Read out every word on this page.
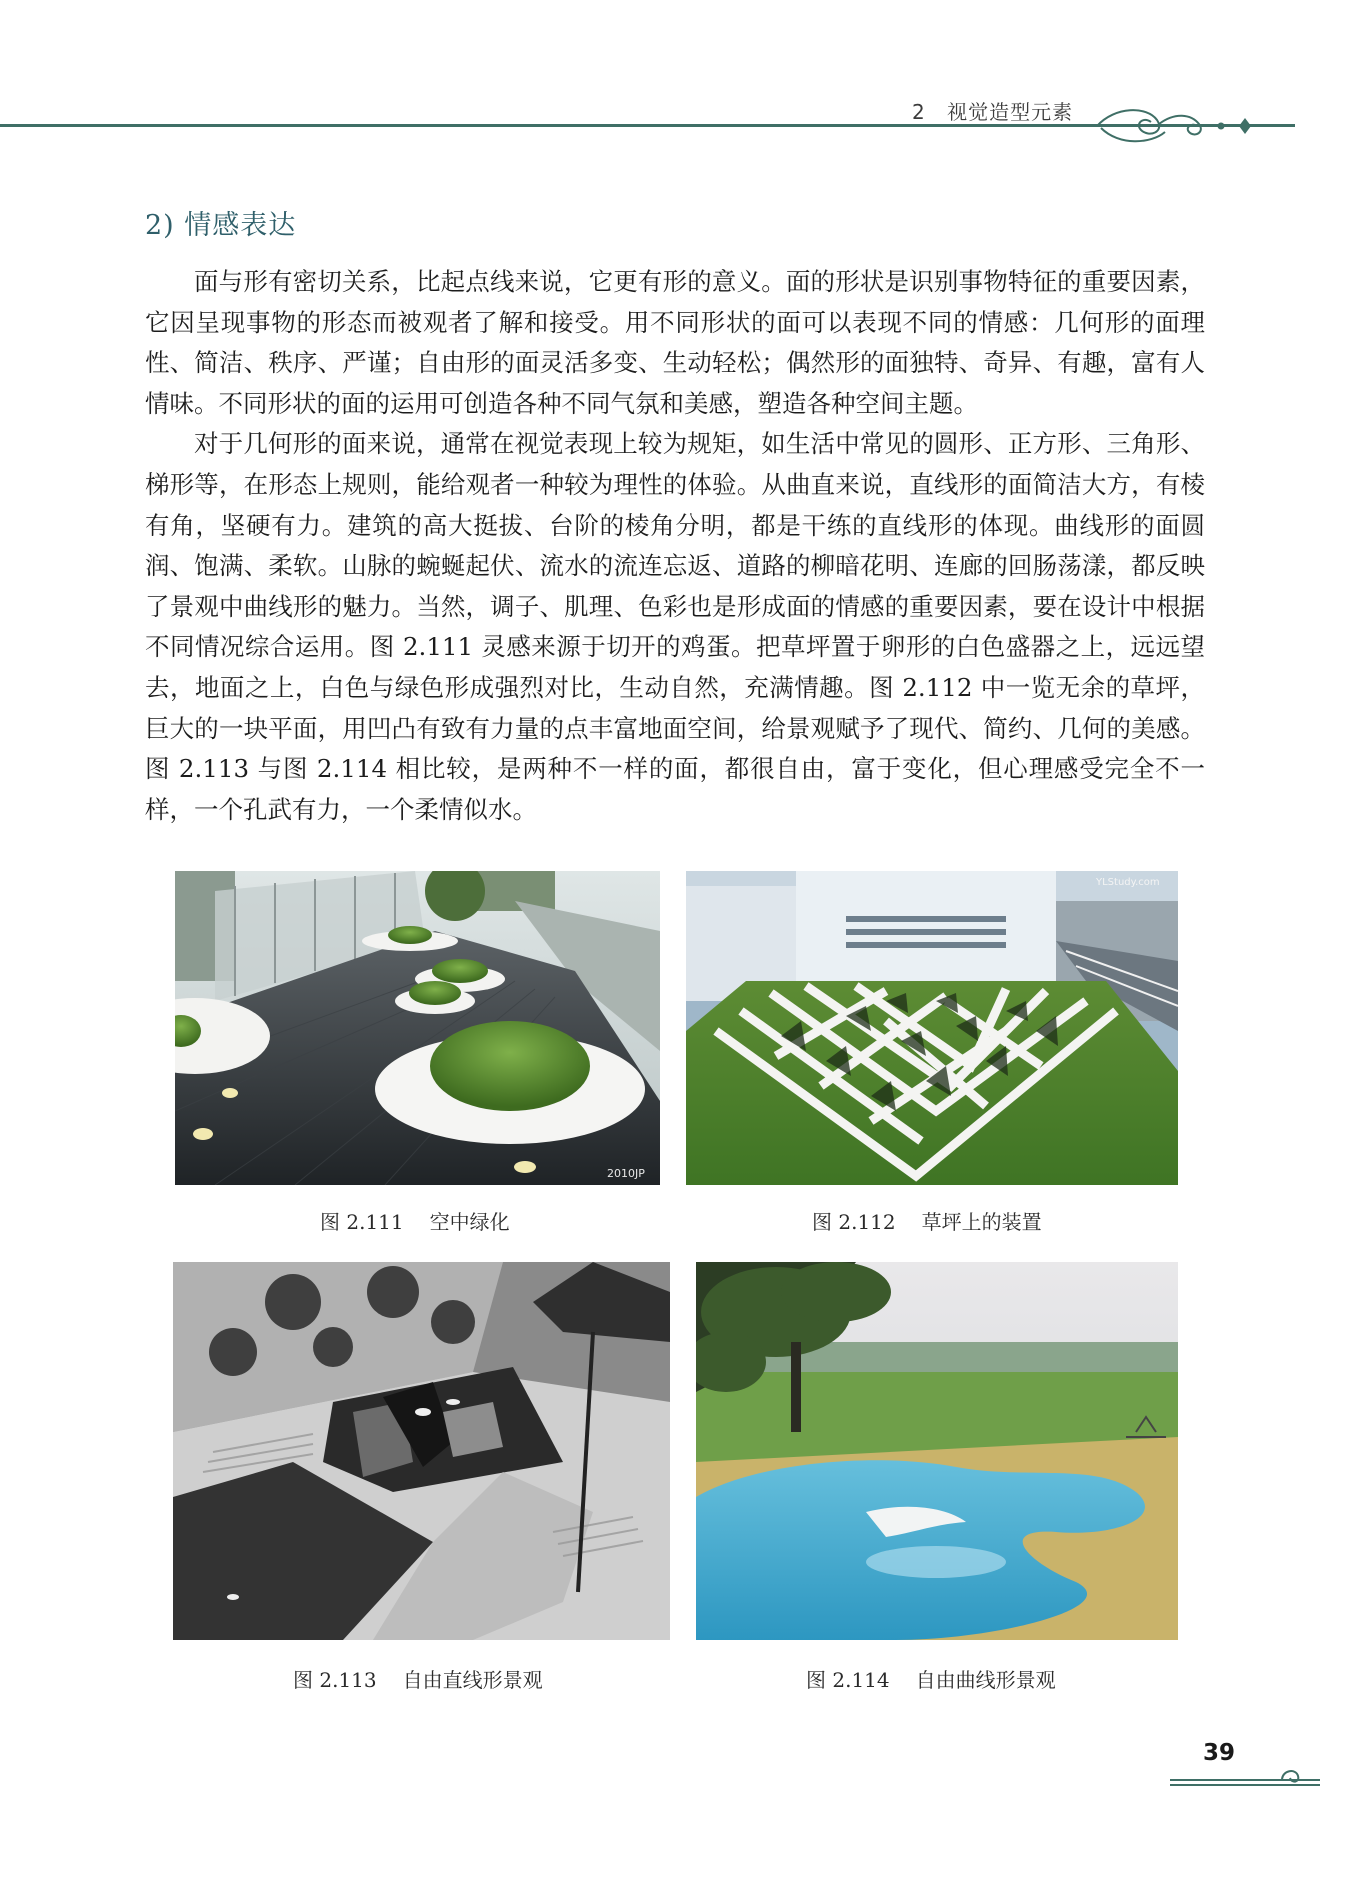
2 视觉造型元素
2) 情感表达

面与形有密切关系，比起点线来说，它更有形的意义。面的形状是识别事物特征的重要因素，它因呈现事物的形态而被观者了解和接受。用不同形状的面可以表现不同的情感：几何形的面理性、简洁、秩序、严谨；自由形的面灵活多变、生动轻松；偶然形的面独特、奇异、有趣，富有人情味。不同形状的面的运用可创造各种不同气氛和美感，塑造各种空间主题。

对于几何形的面来说，通常在视觉表现上较为规矩，如生活中常见的圆形、正方形、三角形、梯形等，在形态上规则，能给观者一种较为理性的体验。从曲直来说，直线形的面简洁大方，有棱有角，坚硬有力。建筑的高大挺拔、台阶的棱角分明，都是干练的直线形的体现。曲线形的面圆润、饱满、柔软。山脉的蜿蜒起伏、流水的流连忘返、道路的柳暗花明、连廊的回肠荡漾，都反映了景观中曲线形的魅力。当然，调子、肌理、色彩也是形成面的情感的重要因素，要在设计中根据不同情况综合运用。图 2.111 灵感来源于切开的鸡蛋。把草坪置于卵形的白色盛器之上，远远望去，地面之上，白色与绿色形成强烈对比，生动自然，充满情趣。图 2.112 中一览无余的草坪，巨大的一块平面，用凹凸有致有力量的点丰富地面空间，给景观赋予了现代、简约、几何的美感。图 2.113 与图 2.114 相比较，是两种不一样的面，都很自由，富于变化，但心理感受完全不一样，一个孔武有力，一个柔情似水。

2010JP
图 2.111 空中绿化
YLStudy.com
图 2.112 草坪上的装置
图 2.113 自由直线形景观	图 2.114 自由曲线形景观
39
